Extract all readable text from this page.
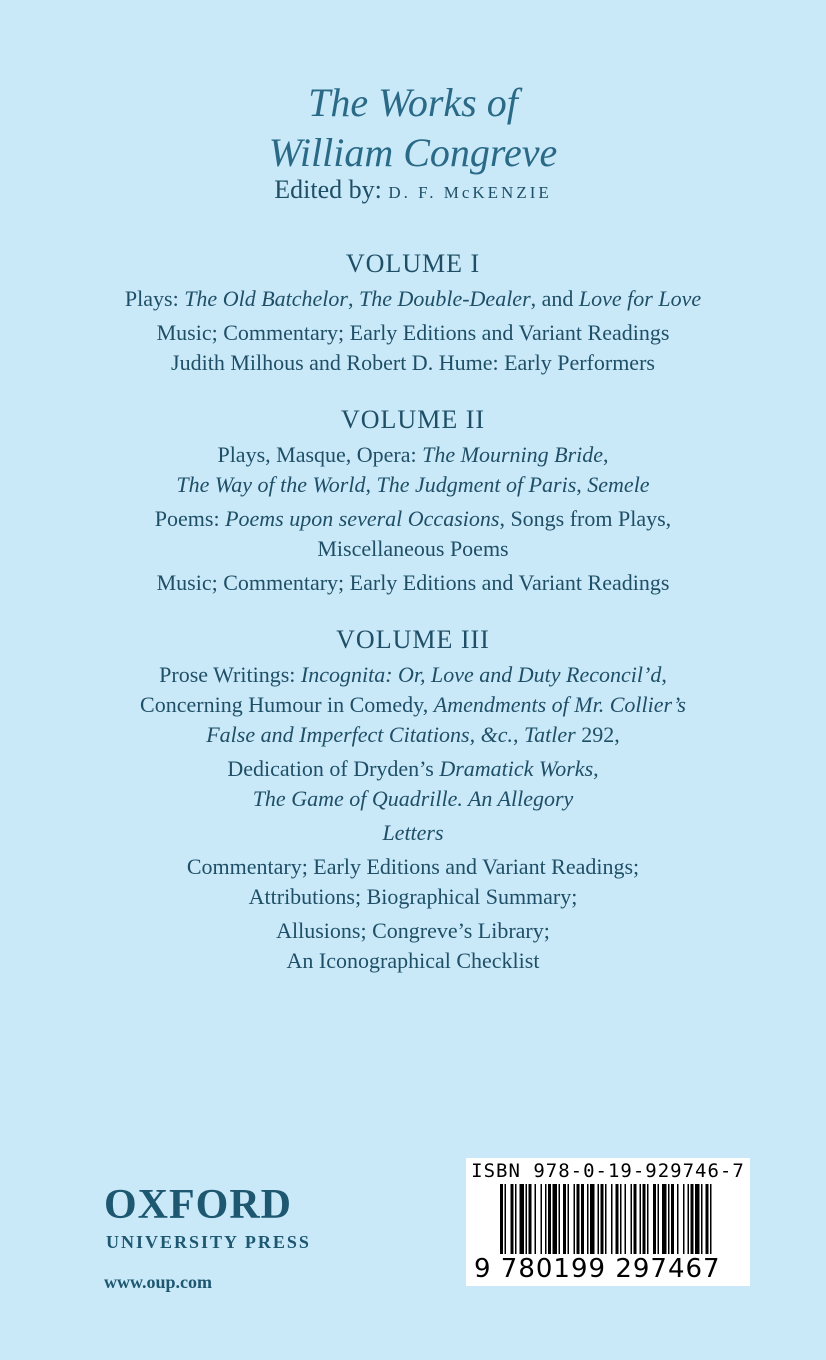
The Works of
William Congreve
Edited by: D. F. McKENZIE
VOLUME I
Plays: The Old Batchelor, The Double-Dealer, and Love for Love
Music; Commentary; Early Editions and Variant Readings
Judith Milhous and Robert D. Hume: Early Performers
VOLUME II
Plays, Masque, Opera: The Mourning Bride,
The Way of the World, The Judgment of Paris, Semele
Poems: Poems upon several Occasions, Songs from Plays,
Miscellaneous Poems
Music; Commentary; Early Editions and Variant Readings
VOLUME III
Prose Writings: Incognita: Or, Love and Duty Reconcil’d,
Concerning Humour in Comedy, Amendments of Mr. Collier’s
False and Imperfect Citations, &c., Tatler 292,
Dedication of Dryden’s Dramatick Works,
The Game of Quadrille. An Allegory
Letters
Commentary; Early Editions and Variant Readings;
Attributions; Biographical Summary;
Allusions; Congreve’s Library;
An Iconographical Checklist
OXFORD
UNIVERSITY PRESS
www.oup.com
ISBN 978-0-19-929746-7
9 780199 297467
